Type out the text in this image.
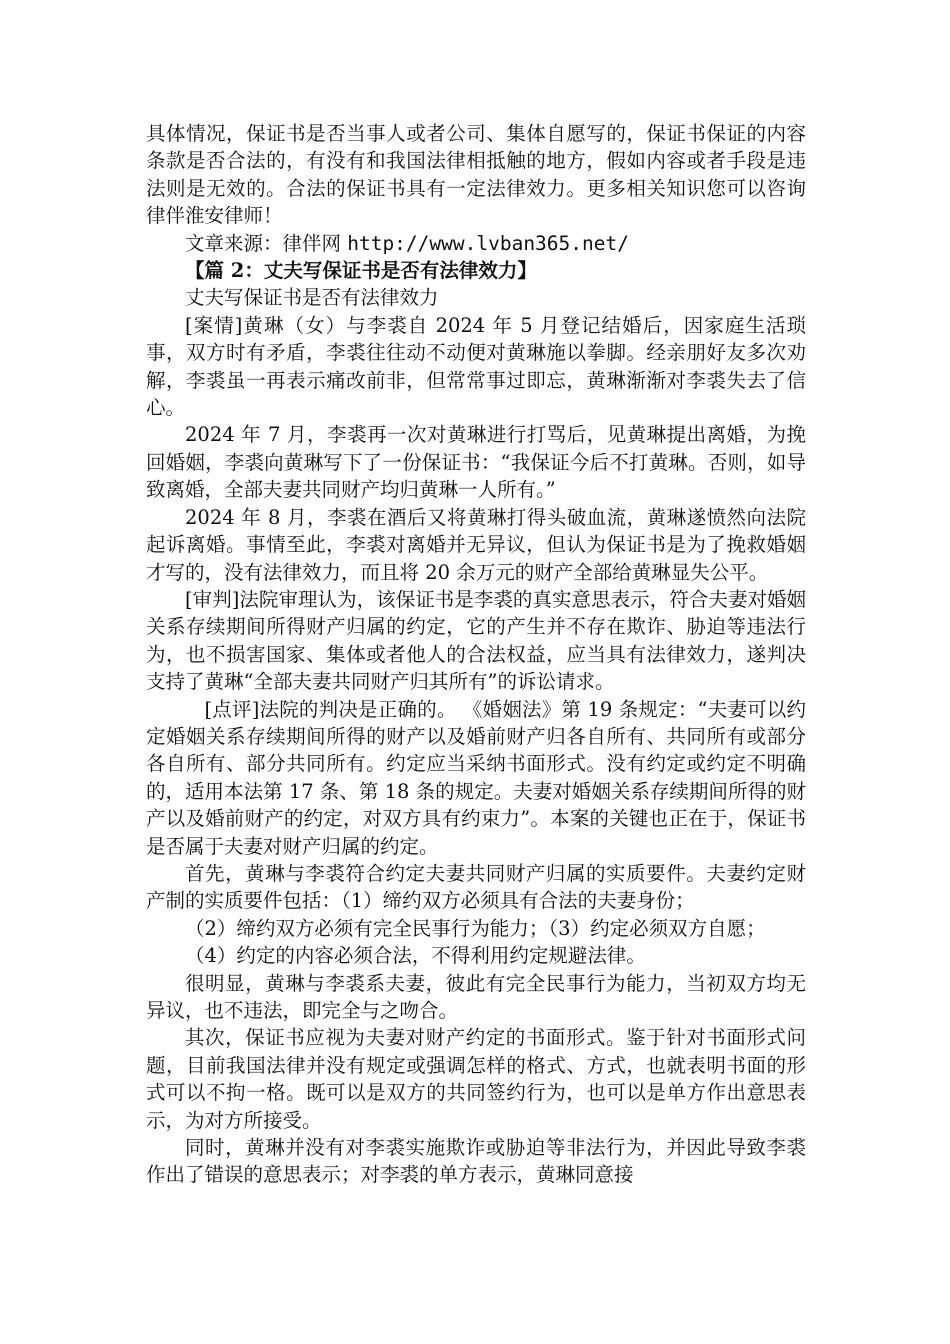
具体情况，保证书是否当事人或者公司、集体自愿写的，保证书保证的内容条款是否合法的，有没有和我国法律相抵触的地方，假如内容或者手段是违法则是无效的。合法的保证书具有一定法律效力。更多相关知识您可以咨询律伴淮安律师！

文章来源：律伴网 http://www.lvban365.net/

【篇 2：丈夫写保证书是否有法律效力】

丈夫写保证书是否有法律效力

[案情]黄琳（女）与李裘自 2024 年 5 月登记结婚后，因家庭生活琐事，双方时有矛盾，李裘往往动不动便对黄琳施以拳脚。经亲朋好友多次劝解，李裘虽一再表示痛改前非，但常常事过即忘，黄琳渐渐对李裘失去了信心。

2024 年 7 月，李裘再一次对黄琳进行打骂后，见黄琳提出离婚，为挽回婚姻，李裘向黄琳写下了一份保证书：“我保证今后不打黄琳。否则，如导致离婚，全部夫妻共同财产均归黄琳一人所有。”

2024 年 8 月，李裘在酒后又将黄琳打得头破血流，黄琳遂愤然向法院起诉离婚。事情至此，李裘对离婚并无异议，但认为保证书是为了挽救婚姻才写的，没有法律效力，而且将 20 余万元的财产全部给黄琳显失公平。

[审判]法院审理认为，该保证书是李裘的真实意思表示，符合夫妻对婚姻关系存续期间所得财产归属的约定，它的产生并不存在欺诈、胁迫等违法行为，也不损害国家、集体或者他人的合法权益，应当具有法律效力，遂判决支持了黄琳“全部夫妻共同财产归其所有”的诉讼请求。

[点评]法院的判决是正确的。 《婚姻法》第 19 条规定：“夫妻可以约定婚姻关系存续期间所得的财产以及婚前财产归各自所有、共同所有或部分各自所有、部分共同所有。约定应当采纳书面形式。没有约定或约定不明确的，适用本法第 17 条、第 18 条的规定。夫妻对婚姻关系存续期间所得的财产以及婚前财产的约定，对双方具有约束力”。本案的关键也正在于，保证书是否属于夫妻对财产归属的约定。

首先，黄琳与李裘符合约定夫妻共同财产归属的实质要件。夫妻约定财产制的实质要件包括：（1）缔约双方必须具有合法的夫妻身份；

（2）缔约双方必须有完全民事行为能力；（3）约定必须双方自愿；

（4）约定的内容必须合法，不得利用约定规避法律。

很明显，黄琳与李裘系夫妻，彼此有完全民事行为能力，当初双方均无异议，也不违法，即完全与之吻合。

其次，保证书应视为夫妻对财产约定的书面形式。鉴于针对书面形式问题，目前我国法律并没有规定或强调怎样的格式、方式，也就表明书面的形式可以不拘一格。既可以是双方的共同签约行为，也可以是单方作出意思表示，为对方所接受。

同时，黄琳并没有对李裘实施欺诈或胁迫等非法行为，并因此导致李裘作出了错误的意思表示；对李裘的单方表示，黄琳同意接
